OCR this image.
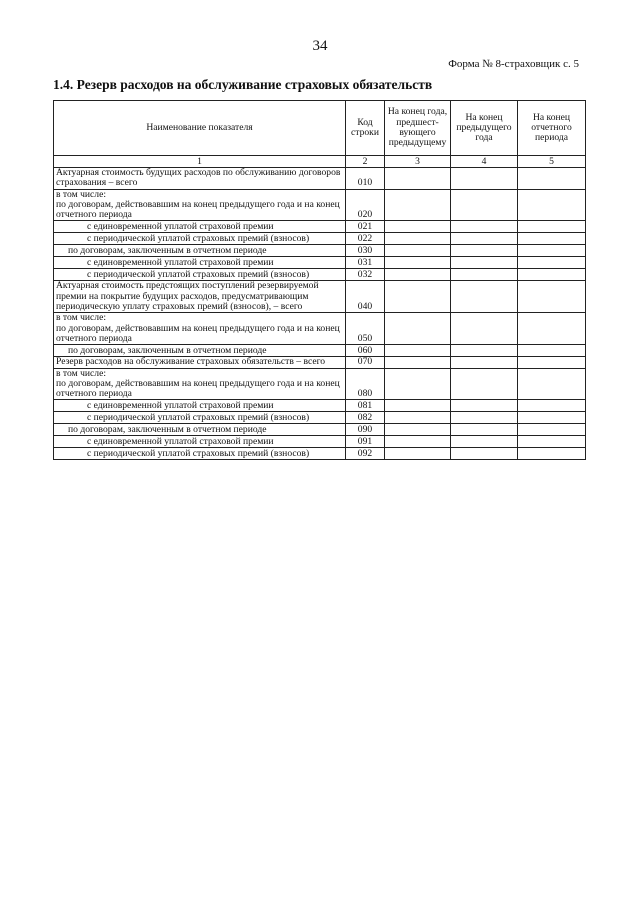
34
Форма № 8-страховщик с. 5
1.4. Резерв расходов на обслуживание страховых обязательств
Наименование показателя	Код строки	На конец года, предшест-вующего предыдущему	На конец предыдущего года	На конец отчетного периода
1	2	3	4	5
Актуарная стоимость будущих расходов по обслуживанию договоров страхования – всего	010			
в том числе:
по договорам, действовавшим на конец предыдущего года и на конец отчетного периода	020			
с единовременной уплатой страховой премии	021			
с периодической уплатой страховых премий (взносов)	022			
по договорам, заключенным в отчетном периоде	030			
с единовременной уплатой страховой премии	031			
с периодической уплатой страховых премий (взносов)	032			
Актуарная стоимость предстоящих поступлений резервируемой премии на покрытие будущих расходов, предусматривающим периодическую уплату страховых премий (взносов), – всего	040			
в том числе:
по договорам, действовавшим на конец предыдущего года и на конец отчетного периода	050			
по договорам, заключенным в отчетном периоде	060			
Резерв расходов на обслуживание страховых обязательств – всего	070			
в том числе:
по договорам, действовавшим на конец предыдущего года и на конец отчетного периода	080			
с единовременной уплатой страховой премии	081			
с периодической уплатой страховых премий (взносов)	082			
по договорам, заключенным в отчетном периоде	090			
с единовременной уплатой страховой премии	091			
с периодической уплатой страховых премий (взносов)	092			
